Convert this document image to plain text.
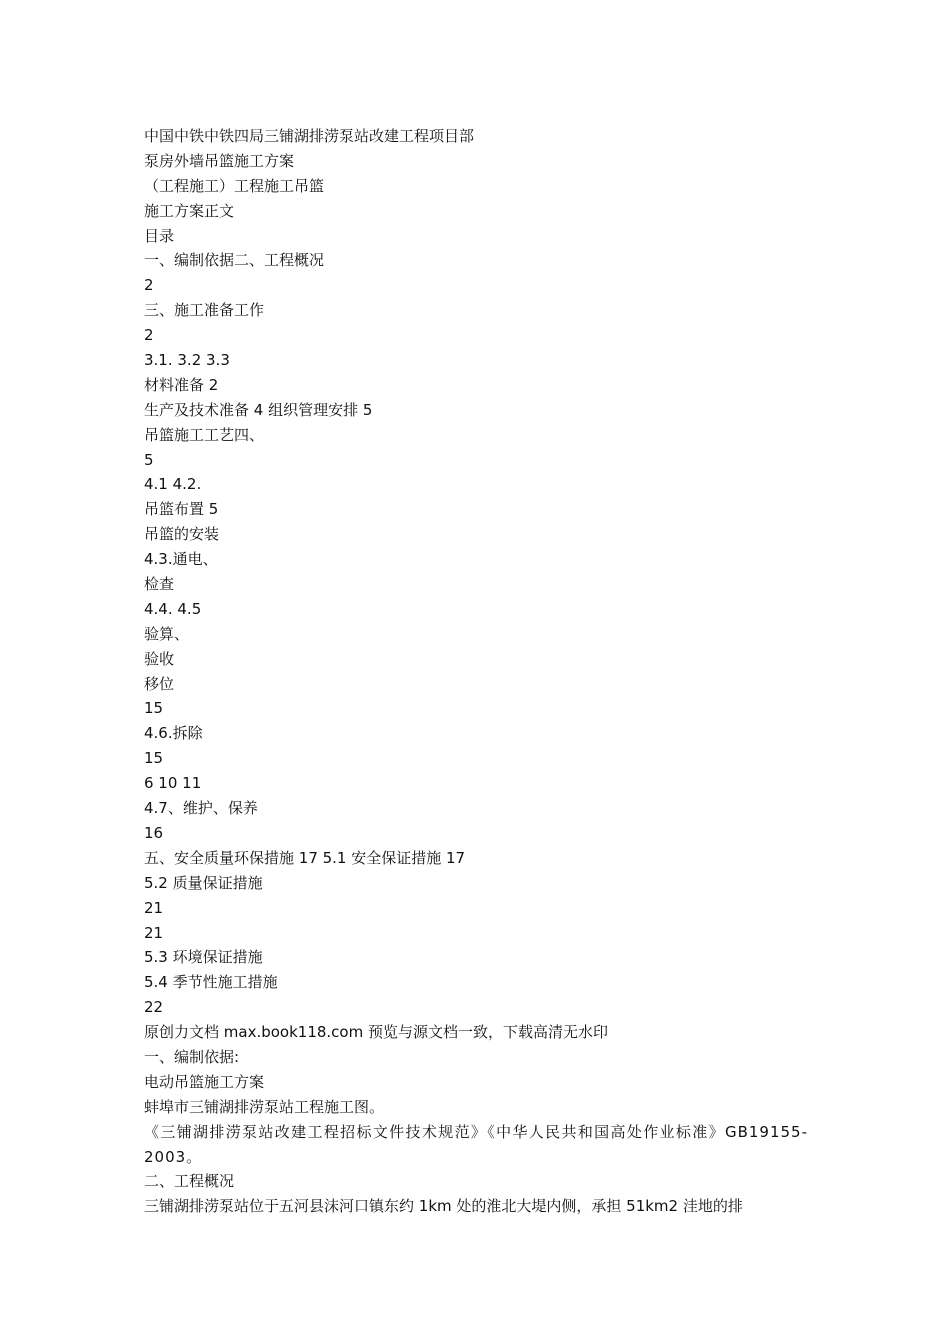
中国中铁中铁四局三铺湖排涝泵站改建工程项目部
泵房外墙吊篮施工方案
（工程施工）工程施工吊篮
施工方案正文
目录
一、编制依据二、工程概况
2
三、施工准备工作
2
3.1. 3.2 3.3
材料准备 2
生产及技术准备 4 组织管理安排 5
吊篮施工工艺四、
5
4.1 4.2.
吊篮布置 5
吊篮的安装
4.3.通电、
检查
4.4. 4.5
验算、
验收
移位
15
4.6.拆除
15
6 10 11
4.7、维护、保养
16
五、安全质量环保措施 17 5.1 安全保证措施 17
5.2 质量保证措施
21
21
5.3 环境保证措施
5.4 季节性施工措施
22
原创力文档 max.book118.com 预览与源文档一致，下载高清无水印
一、编制依据:
电动吊篮施工方案
蚌埠市三铺湖排涝泵站工程施工图。
《三铺湖排涝泵站改建工程招标文件技术规范》《中华人民共和国高处作业标准》GB19155-2003。
二、工程概况
三铺湖排涝泵站位于五河县沫河口镇东约 1km 处的淮北大堤内侧，承担 51km2 洼地的排
